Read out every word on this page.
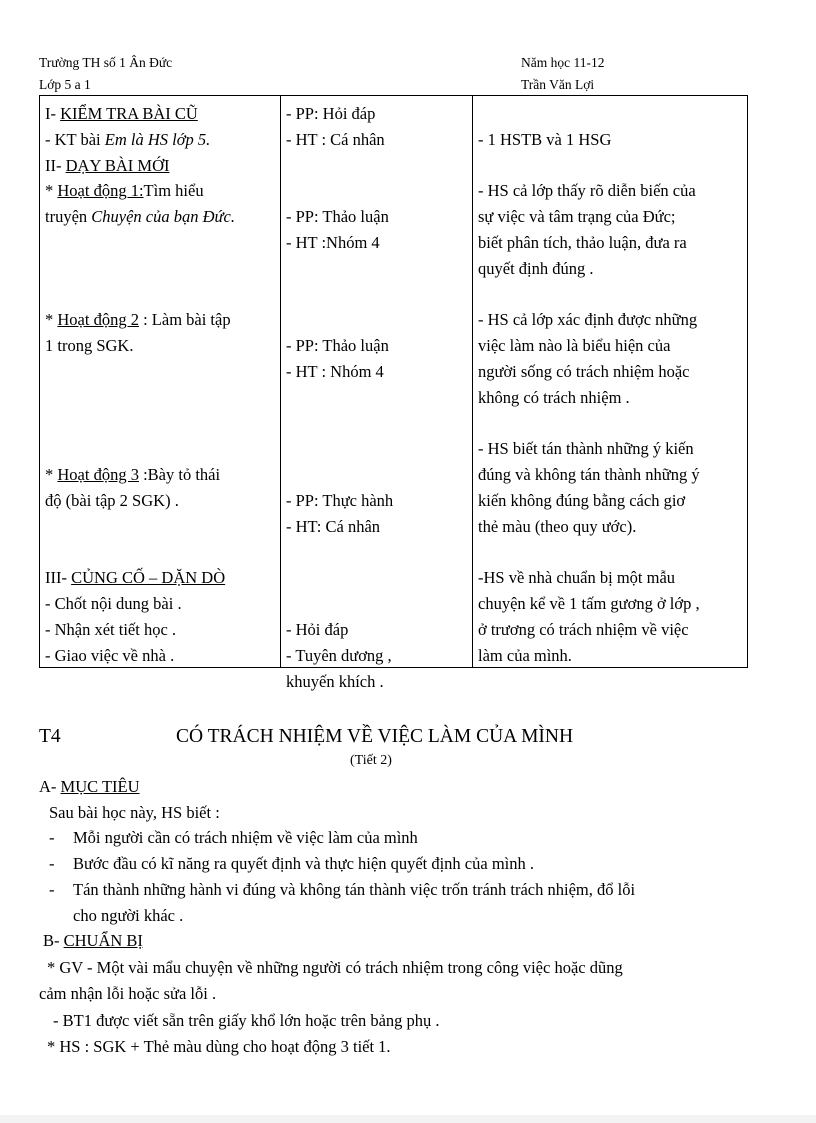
Trường TH số 1 Ân Đức
Lớp 5 a 1
Năm học 11-12
Trần Văn Lợi
I- KIỂM TRA BÀI CŨ
- KT bài Em là HS lớp 5.
II- DẠY BÀI MỚI
* Hoạt động 1:Tìm hiểu
truyện Chuyện của bạn Đức.

* Hoạt động 2 : Làm bài tập
1 trong SGK.

* Hoạt động 3 :Bày tỏ thái
độ (bài tập 2 SGK) .

III- CỦNG CỐ – DẶN DÒ
- Chốt nội dung bài .
- Nhận xét tiết học .
- Giao việc về nhà .
- PP: Hỏi đáp
- HT : Cá nhân

- PP: Thảo luận
- HT :Nhóm 4

- PP: Thảo luận
- HT : Nhóm 4

- PP: Thực hành
- HT: Cá nhân

- Hỏi đáp
- Tuyên dương ,
khuyến khích .

- 1 HSTB và 1 HSG

- HS cả lớp thấy rõ diễn biến của
sự việc và tâm trạng của Đức;
biết phân tích, thảo luận, đưa ra
quyết định đúng .

- HS cả lớp xác định được những
việc làm nào là biểu hiện của
người sống có trách nhiệm hoặc
không có trách nhiệm .

- HS biết tán thành những ý kiến
đúng và không tán thành những ý
kiến không đúng bằng cách giơ
thẻ màu (theo quy ước).

-HS về nhà chuẩn bị một mẫu
chuyện kể về 1 tấm gương ở lớp ,
ở trương có trách nhiệm về việc
làm của mình.
T4	CÓ TRÁCH NHIỆM VỀ VIỆC LÀM CỦA MÌNH
(Tiết 2)
A- MỤC TIÊU
Sau bài học này, HS biết :
- Mỗi người cần có trách nhiệm về việc làm của mình
- Bước đầu có kĩ năng ra quyết định và thực hiện quyết định của mình .
- Tán thành những hành vi đúng và không tán thành việc trốn tránh trách nhiệm, đổ lỗi
cho người khác .
B- CHUẨN BỊ
* GV - Một vài mẩu chuyện về những người có trách nhiệm trong công việc hoặc dũng
cảm nhận lỗi hoặc sửa lỗi .
- BT1 được viết sẵn trên giấy khổ lớn hoặc trên bảng phụ .
* HS : SGK + Thẻ màu dùng cho hoạt động 3 tiết 1.
